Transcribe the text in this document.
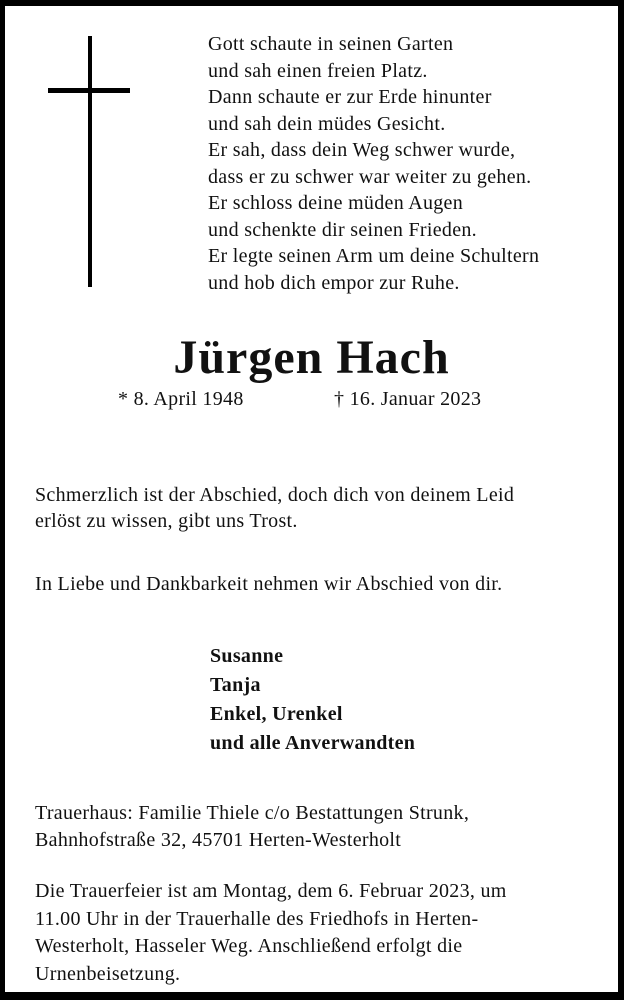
Gott schaute in seinen Garten
und sah einen freien Platz.
Dann schaute er zur Erde hinunter
und sah dein müdes Gesicht.
Er sah, dass dein Weg schwer wurde,
dass er zu schwer war weiter zu gehen.
Er schloss deine müden Augen
und schenkte dir seinen Frieden.
Er legte seinen Arm um deine Schultern
und hob dich empor zur Ruhe.
Jürgen Hach
* 8. April 1948	† 16. Januar 2023
Schmerzlich ist der Abschied, doch dich von deinem Leid
erlöst zu wissen, gibt uns Trost.
In Liebe und Dankbarkeit nehmen wir Abschied von dir.
Susanne
Tanja
Enkel, Urenkel
und alle Anverwandten
Trauerhaus: Familie Thiele c/o Bestattungen Strunk,
Bahnhofstraße 32, 45701 Herten-Westerholt
Die Trauerfeier ist am Montag, dem 6. Februar 2023, um
11.00 Uhr in der Trauerhalle des Friedhofs in Herten-
Westerholt, Hasseler Weg. Anschließend erfolgt die
Urnenbeisetzung.
